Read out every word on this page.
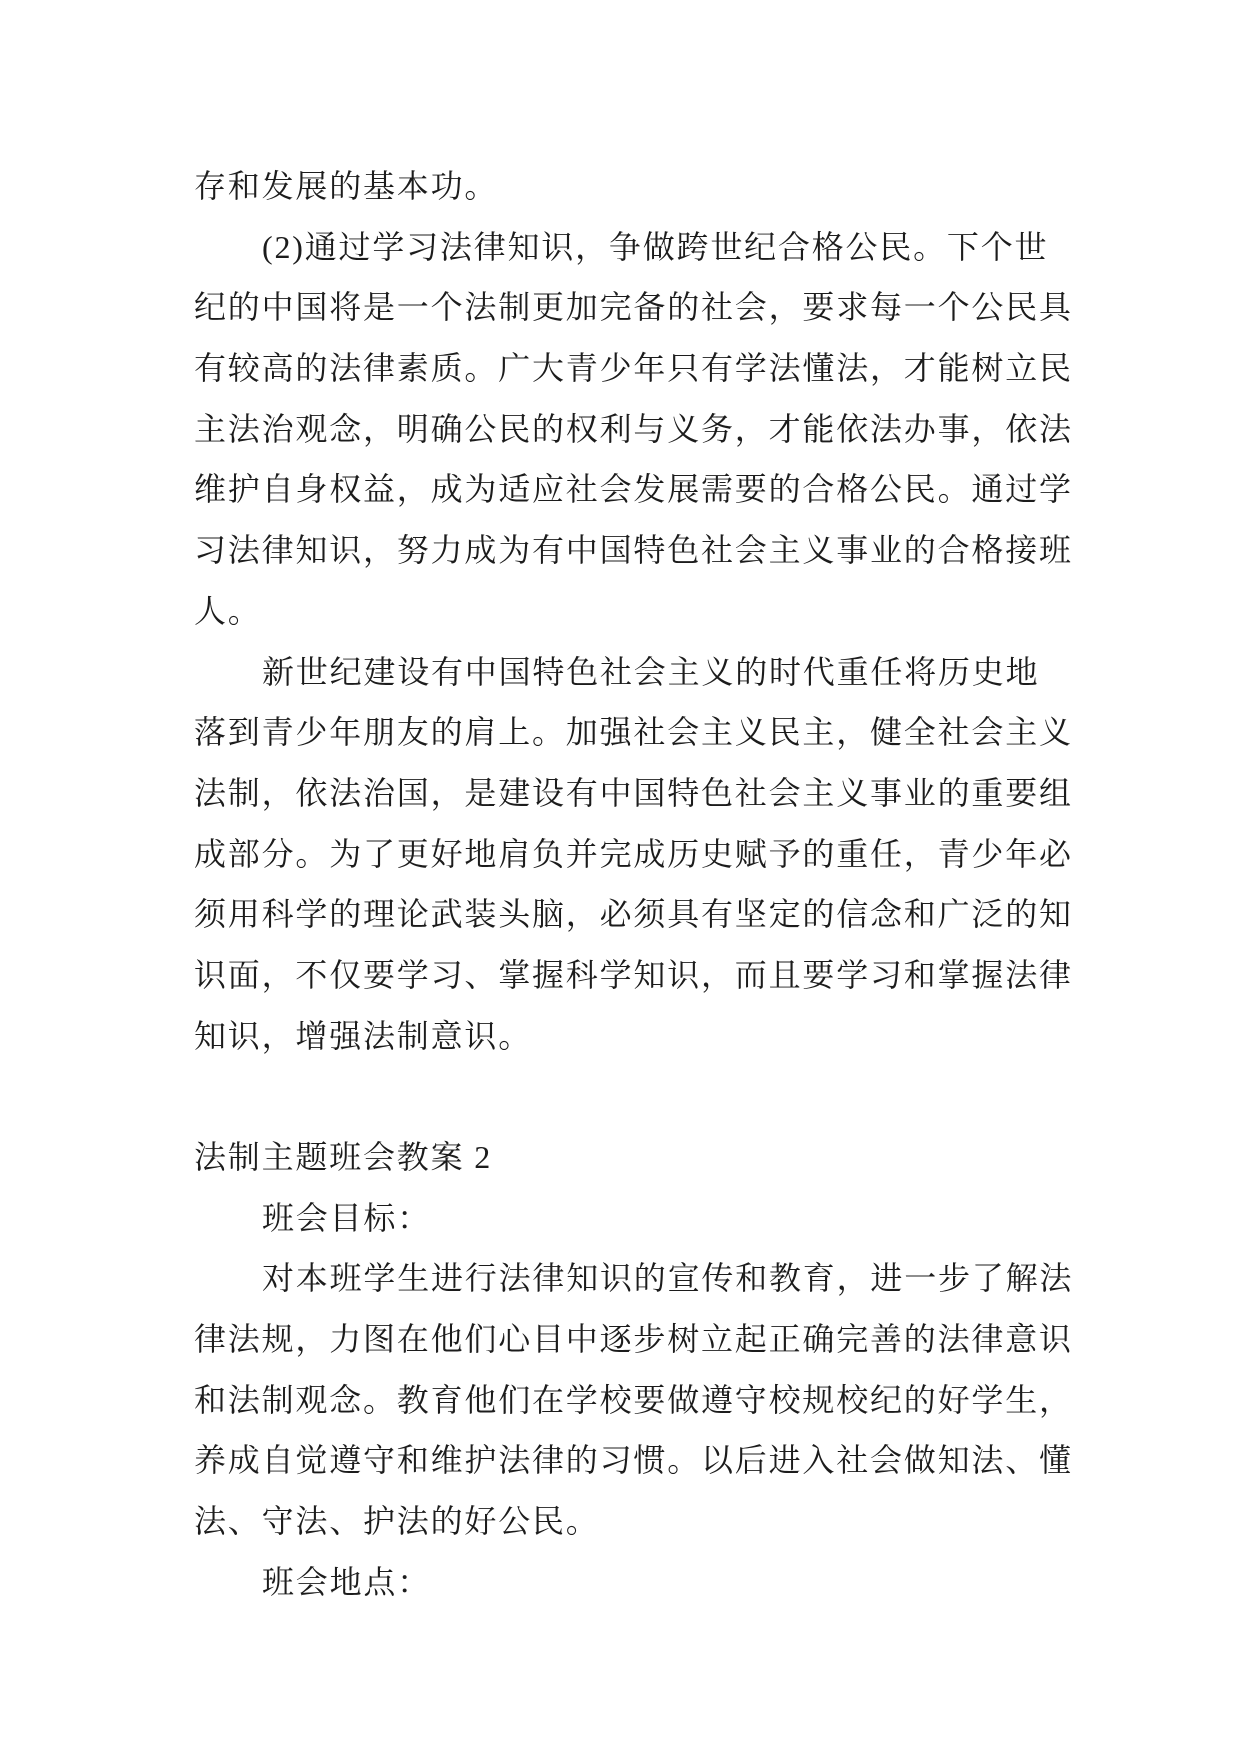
存和发展的基本功。
(2)通过学习法律知识，争做跨世纪合格公民。下个世
纪的中国将是一个法制更加完备的社会，要求每一个公民具
有较高的法律素质。广大青少年只有学法懂法，才能树立民
主法治观念，明确公民的权利与义务，才能依法办事，依法
维护自身权益，成为适应社会发展需要的合格公民。通过学
习法律知识，努力成为有中国特色社会主义事业的合格接班
人。
新世纪建设有中国特色社会主义的时代重任将历史地
落到青少年朋友的肩上。加强社会主义民主，健全社会主义
法制，依法治国，是建设有中国特色社会主义事业的重要组
成部分。为了更好地肩负并完成历史赋予的重任，青少年必
须用科学的理论武装头脑，必须具有坚定的信念和广泛的知
识面，不仅要学习、掌握科学知识，而且要学习和掌握法律
知识，增强法制意识。
法制主题班会教案 2
班会目标：
对本班学生进行法律知识的宣传和教育，进一步了解法
律法规，力图在他们心目中逐步树立起正确完善的法律意识
和法制观念。教育他们在学校要做遵守校规校纪的好学生，
养成自觉遵守和维护法律的习惯。以后进入社会做知法、懂
法、守法、护法的好公民。
班会地点：
